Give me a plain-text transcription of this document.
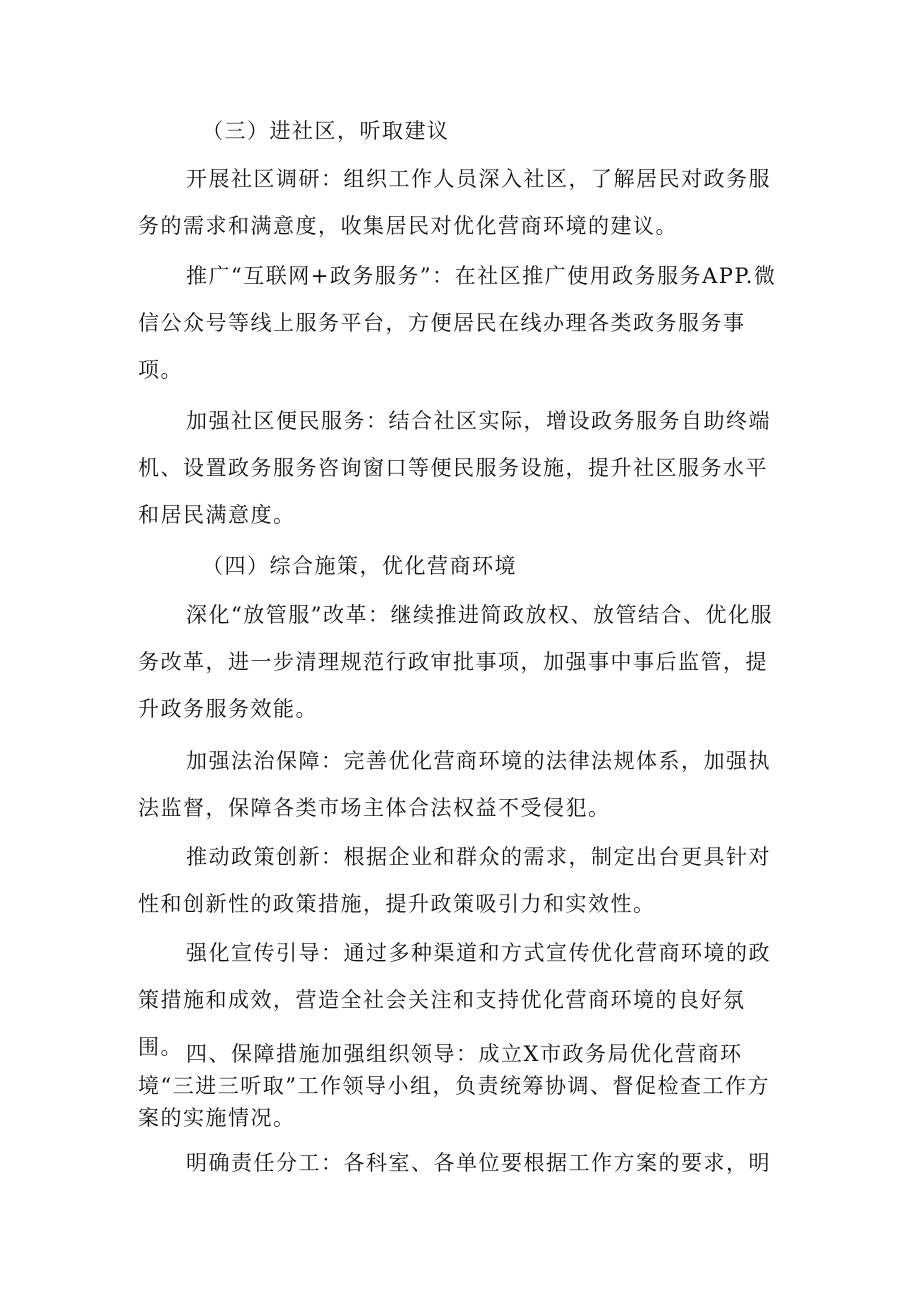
（三）进社区，听取建议

开展社区调研：组织工作人员深入社区，了解居民对政务服务的需求和满意度，收集居民对优化营商环境的建议。

推广“互联网+政务服务”：在社区推广使用政务服务APP.微信公众号等线上服务平台，方便居民在线办理各类政务服务事项。

加强社区便民服务：结合社区实际，增设政务服务自助终端机、设置政务服务咨询窗口等便民服务设施，提升社区服务水平和居民满意度。

（四）综合施策，优化营商环境

深化“放管服”改革：继续推进简政放权、放管结合、优化服务改革，进一步清理规范行政审批事项，加强事中事后监管，提升政务服务效能。

加强法治保障：完善优化营商环境的法律法规体系，加强执法监督，保障各类市场主体合法权益不受侵犯。

推动政策创新：根据企业和群众的需求，制定出台更具针对性和创新性的政策措施，提升政策吸引力和实效性。

强化宣传引导：通过多种渠道和方式宣传优化营商环境的政策措施和成效，营造全社会关注和支持优化营商环境的良好氛围。 四、保障措施加强组织领导：成立X市政务局优化营商环境“三进三听取”工作领导小组，负责统筹协调、督促检查工作方案的实施情况。

明确责任分工：各科室、各单位要根据工作方案的要求，明
